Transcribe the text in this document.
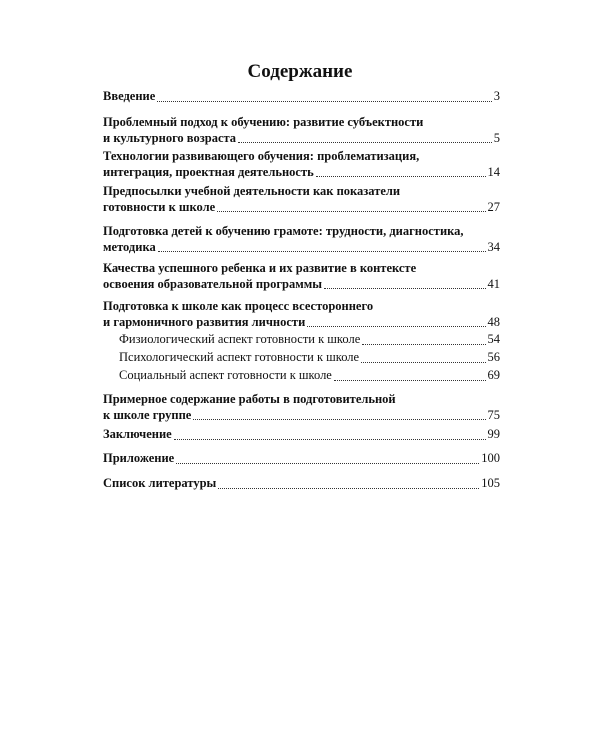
Содержание
Введение	3
Проблемный подход к обучению: развитие субъектности
и культурного возраста	5
Технологии развивающего обучения: проблематизация,
интеграция, проектная деятельность	14
Предпосылки учебной деятельности как показатели
готовности к школе	27
Подготовка детей к обучению грамоте: трудности, диагностика,
методика	34
Качества успешного ребенка и их развитие в контексте
освоения образовательной программы	41
Подготовка к школе как процесс всестороннего
и гармоничного развития личности	48
Физиологический аспект готовности к школе	54
Психологический аспект готовности к школе	56
Социальный аспект готовности к школе	69
Примерное содержание работы в подготовительной
к школе группе	75
Заключение	99
Приложение	100
Список литературы	105
